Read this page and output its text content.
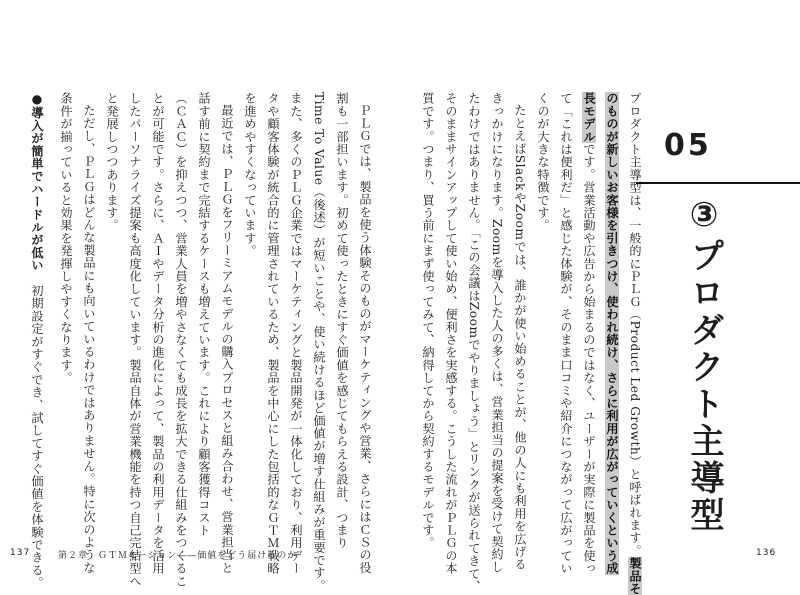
05
③プロダクト主導型
プロダクト主導型は、一般的にＰＬＧ（Product Led Growth）と呼ばれます。製品そ
のものが新しいお客様を引きつけ、使われ続け、さらに利用が広がっていくという成
長モデルです。営業活動や広告から始まるのではなく、ユーザーが実際に製品を使っ
て「これは便利だ」と感じた体験が、そのまま口コミや紹介につながって広がってい
くのが大きな特徴です。
たとえばSlackやZoomでは、誰かが使い始めることが、他の人にも利用を広げる
きっかけになります。Zoomを導入した人の多くは、営業担当の提案を受けて契約し
たわけではありません。「この会議はZoomでやりましょう」とリンクが送られてきて、
そのままサインアップして使い始め、便利さを実感する。こうした流れがＰＬＧの本
質です。つまり、買う前にまず使ってみて、納得してから契約するモデルです。
ＰＬＧでは、製品を使う体験そのものがマーケティングや営業、さらにはＣＳの役
割も一部担います。初めて使ったときにすぐ価値を感じてもらえる設計、つまり
Time To Value（後述）が短いことや、使い続けるほど価値が増す仕組みが重要です。
また、多くのＰＬＧ企業ではマーケティングと製品開発が一体化しており、利用デー
タや顧客体験が統合的に管理されているため、製品を中心にした包括的なＧＴＭ戦略
を進めやすくなっています。
最近では、ＰＬＧをフリーミアムモデルの購入プロセスと組み合わせ、営業担当と
話す前に契約まで完結するケースも増えています。これにより顧客獲得コスト
（ＣＡＣ）を抑えつつ、営業人員を増やさなくても成長を拡大できる仕組みをつくるこ
とが可能です。さらに、ＡＩやデータ分析の進化によって、製品の利用データを活用
したパーソナライズ提案も高度化しています。製品自体が営業機能を持つ自己完結型へ
と発展しつつあります。
ただし、ＰＬＧはどんな製品にも向いているわけではありません。特に次のような
条件が揃っていると効果を発揮しやすくなります。
●導入が簡単でハードルが低い　初期設定がすぐでき、試してすぐ価値を体験できる。
137	第２章　ＧＴＭモーション――価値をどう届けるのか	136
